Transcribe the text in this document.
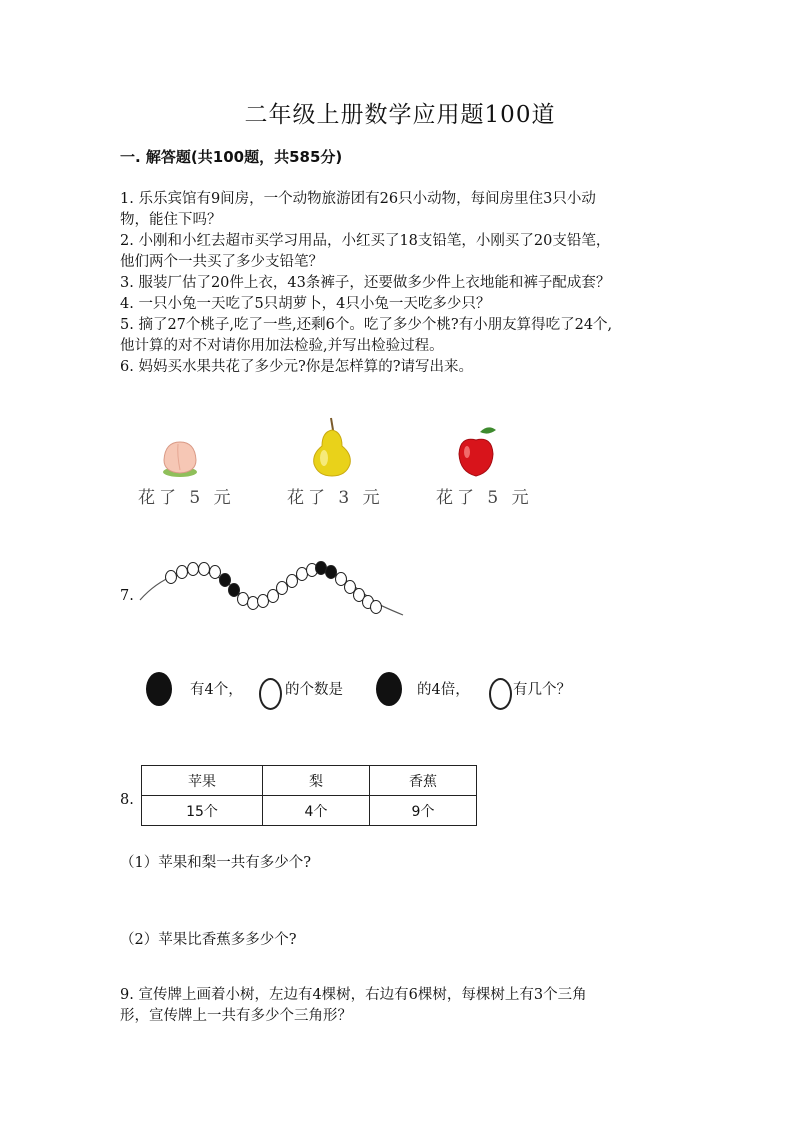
二年级上册数学应用题100道
一. 解答题(共100题，共585分)
1. 乐乐宾馆有9间房，一个动物旅游团有26只小动物，每间房里住3只小动
物，能住下吗？
2. 小刚和小红去超市买学习用品，小红买了18支铅笔，小刚买了20支铅笔，
他们两个一共买了多少支铅笔？
3. 服装厂估了20件上衣，43条裤子，还要做多少件上衣地能和裤子配成套？
4. 一只小兔一天吃了5只胡萝卜，4只小兔一天吃多少只？
5. 摘了27个桃子,吃了一些,还剩6个。吃了多少个桃?有小朋友算得吃了24个,
他计算的对不对请你用加法检验,并写出检验过程。
6. 妈妈买水果共花了多少元?你是怎样算的?请写出来。
花了 5 元	花了 3 元	花了 5 元
7.
有4个，	的个数是	的4倍，	有几个？
8.
苹果	梨	香蕉
15个	4个	9个
（1）苹果和梨一共有多少个?
（2）苹果比香蕉多多少个?
9. 宣传牌上画着小树，左边有4棵树，右边有6棵树，每棵树上有3个三角
形，宣传牌上一共有多少个三角形？
